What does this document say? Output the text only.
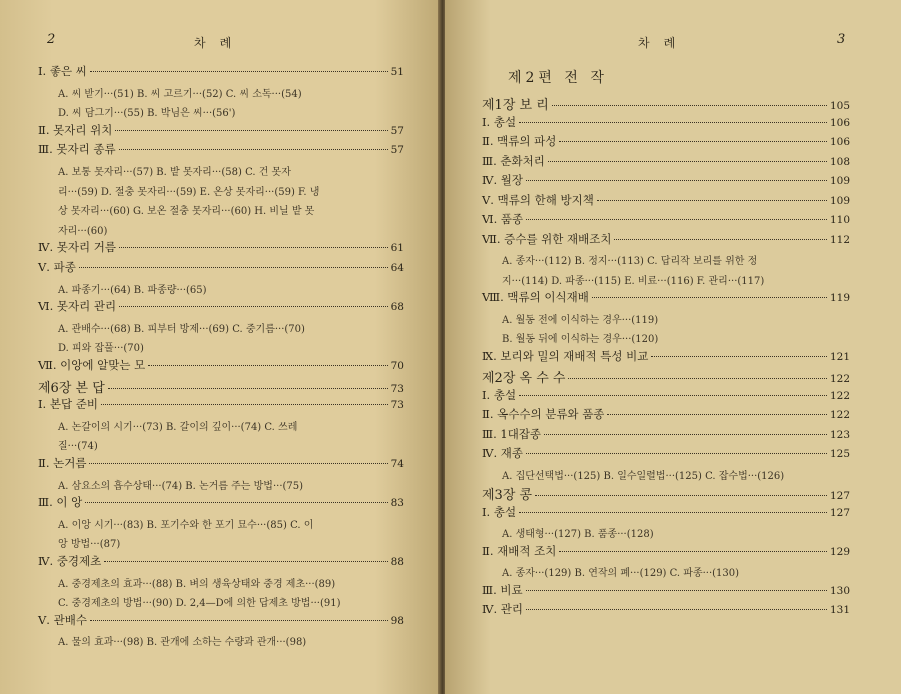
2	차례
Ⅰ. 좋은 씨	51
A. 씨 받기···(51) B. 씨 고르기···(52) C. 씨 소독···(54)
D. 씨 담그기···(55) B. 박님은 씨···(56')
Ⅱ. 못자리 위치	57
Ⅲ. 못자리 종류	57
A. 보통 못자리···(57) B. 밭 못자리···(58) C. 건 못자
리···(59) D. 절충 못자리···(59) E. 온상 못자리···(59) F. 냉
상 못자리···(60) G. 보온 절충 못자리···(60) H. 비닐 밭 못
자리···(60)
Ⅳ. 못자리 거름	61
Ⅴ. 파종	64
A. 파종기···(64) B. 파종량···(65)
Ⅵ. 못자리 관리	68
A. 관배수···(68) B. 피부터 방제···(69) C. 중기름···(70)
D. 피와 잡풀···(70)
Ⅶ. 이앙에 알맞는 모	70
제6장 본 답	73
Ⅰ. 본답 준비	73
A. 논갈이의 시기···(73) B. 갈이의 깊이···(74) C. 쓰레
질···(74)
Ⅱ. 논거름	74
A. 삼요소의 흡수상태···(74) B. 논거름 주는 방법···(75)
Ⅲ. 이 앙	83
A. 이앙 시기···(83) B. 포기수와 한 포기 묘수···(85) C. 이
앙 방법···(87)
Ⅳ. 중경제초	88
A. 중경제초의 효과···(88) B. 벼의 생육상태와 중경 제초···(89)
C. 중경제초의 방법···(90) D. 2,4—D에 의한 답제초 방법···(91)
Ⅴ. 관배수	98
A. 물의 효과···(98) B. 관개에 소하는 수량과 관개···(98)
차례	3
제2편 전 작
제1장 보 리	105
Ⅰ. 총설	106
Ⅱ. 맥류의 파성	106
Ⅲ. 춘화처리	108
Ⅳ. 월장	109
Ⅴ. 맥류의 한해 방지책	109
Ⅵ. 품종	110
Ⅶ. 증수를 위한 재배조치	112
A. 종자···(112) B. 정지···(113) C. 답리작 보리를 위한 정
지···(114) D. 파종···(115) E. 비료···(116) F. 관리···(117)
Ⅷ. 맥류의 이식재배	119
A. 월동 전에 이식하는 경우···(119)
B. 월동 뒤에 이식하는 경우···(120)
Ⅸ. 보리와 밀의 재배적 특성 비교	121
제2장 옥 수 수	122
Ⅰ. 총설	122
Ⅱ. 옥수수의 분류와 품종	122
Ⅲ. 1대잡종	123
Ⅳ. 재종	125
A. 집단선택법···(125) B. 일수일렬법···(125) C. 잡수법···(126)
제3장 콩	127
Ⅰ. 총설	127
A. 생태형···(127) B. 품종···(128)
Ⅱ. 재배적 조치	129
A. 종자···(129) B. 연작의 폐···(129) C. 파종···(130)
Ⅲ. 비료	130
Ⅳ. 관리	131
